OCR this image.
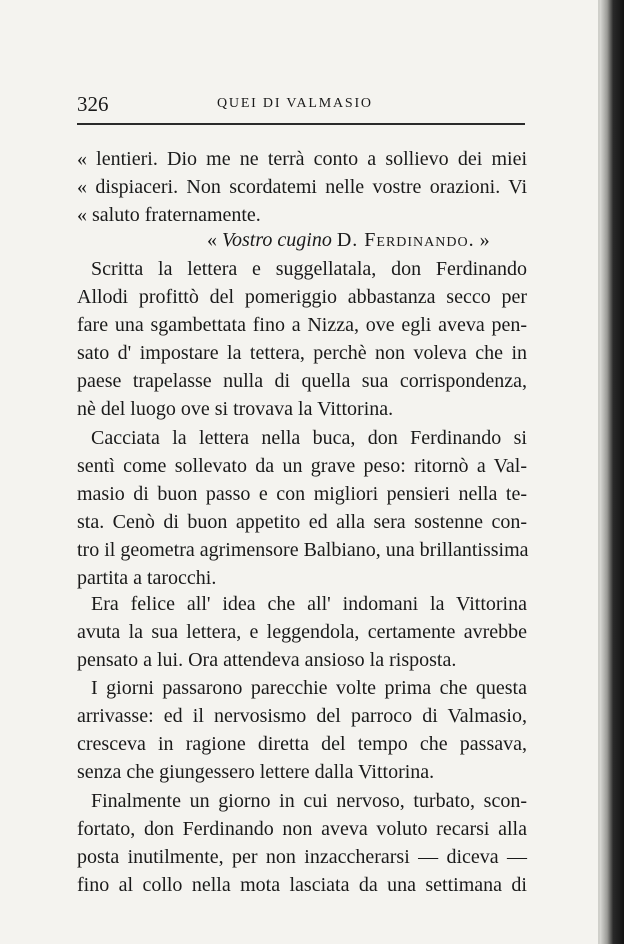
326	QUEI DI VALMASIO
« lentieri. Dio me ne terrà conto a sollievo dei miei
« dispiaceri. Non scordatemi nelle vostre orazioni. Vi
« saluto fraternamente.
« Vostro cugino D. Ferdinando. »
Scritta la lettera e suggellatala, don Ferdinando
Allodi profittò del pomeriggio abbastanza secco per
fare una sgambettata fino a Nizza, ove egli aveva pen-
sato d' impostare la tettera, perchè non voleva che in
paese trapelasse nulla di quella sua corrispondenza,
nè del luogo ove si trovava la Vittorina.
Cacciata la lettera nella buca, don Ferdinando si
sentì come sollevato da un grave peso: ritornò a Val-
masio di buon passo e con migliori pensieri nella te-
sta. Cenò di buon appetito ed alla sera sostenne con-
tro il geometra agrimensore Balbiano, una brillantissima
partita a tarocchi.
Era felice all' idea che all' indomani la Vittorina
avuta la sua lettera, e leggendola, certamente avrebbe
pensato a lui. Ora attendeva ansioso la risposta.
I giorni passarono parecchie volte prima che questa
arrivasse: ed il nervosismo del parroco di Valmasio,
cresceva in ragione diretta del tempo che passava,
senza che giungessero lettere dalla Vittorina.
Finalmente un giorno in cui nervoso, turbato, scon-
fortato, don Ferdinando non aveva voluto recarsi alla
posta inutilmente, per non inzaccherarsi — diceva —
fino al collo nella mota lasciata da una settimana di
